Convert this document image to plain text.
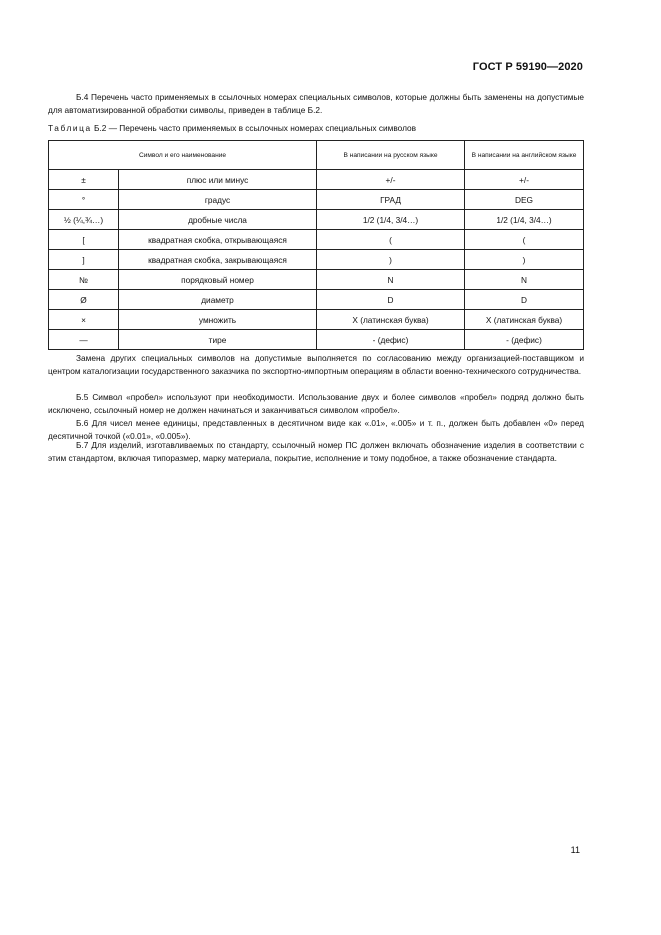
ГОСТ Р 59190—2020

Б.4 Перечень часто применяемых в ссылочных номерах специальных символов, которые должны быть заменены на допустимые для автоматизированной обработки символы, приведен в таблице Б.2.

Таблица Б.2 — Перечень часто применяемых в ссылочных номерах специальных символов

Символ и его наименование		В написании на русском языке	В написании на английском языке
±	плюс или минус	+/-	+/-
°	градус	ГРАД	DEG
½ (¼,¾…)	дробные числа	1/2 (1/4, 3/4…)	1/2 (1/4, 3/4…)
[	квадратная скобка, открывающаяся	(	(
]	квадратная скобка, закрывающаяся	)	)
№	порядковый номер	N	N
Ø	диаметр	D	D
×	умножить	X (латинская буква)	X (латинская буква)
—	тире	- (дефис)	- (дефис)

Замена других специальных символов на допустимые выполняется по согласованию между организацией-поставщиком и центром каталогизации государственного заказчика по экспортно-импортным операциям в области военно-технического сотрудничества.

Б.5 Символ «пробел» используют при необходимости. Использование двух и более символов «пробел» подряд должно быть исключено, ссылочный номер не должен начинаться и заканчиваться символом «пробел».

Б.6 Для чисел менее единицы, представленных в десятичном виде как «.01», «.005» и т. п., должен быть добавлен «0» перед десятичной точкой («0.01», «0.005»).

Б.7 Для изделий, изготавливаемых по стандарту, ссылочный номер ПС должен включать обозначение изделия в соответствии с этим стандартом, включая типоразмер, марку материала, покрытие, исполнение и тому подобное, а также обозначение стандарта.

11
